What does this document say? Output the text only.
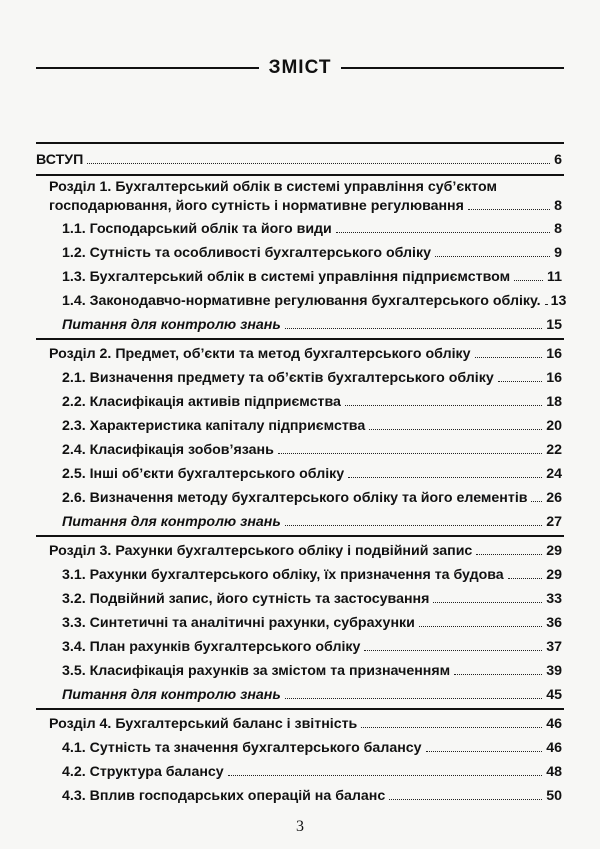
ЗМІСТ
ВСТУП	6
Розділ 1. Бухгалтерський облік в системі управління суб’єктом
господарювання, його сутність і нормативне регулювання	8
1.1. Господарський облік та його види	8
1.2. Сутність та особливості бухгалтерського обліку	9
1.3. Бухгалтерський облік в системі управління підприємством	11
1.4. Законодавчо-нормативне регулювання бухгалтерського обліку. 13
Питання для контролю знань	15
Розділ 2. Предмет, об’єкти та метод бухгалтерського обліку	16
2.1. Визначення предмету та об’єктів бухгалтерського обліку	16
2.2. Класифікація активів підприємства	18
2.3. Характеристика капіталу підприємства	20
2.4. Класифікація зобов’язань	22
2.5. Інші об’єкти бухгалтерського обліку	24
2.6. Визначення методу бухгалтерського обліку та його елементів 26
Питання для контролю знань	27
Розділ 3. Рахунки бухгалтерського обліку і подвійний запис	29
3.1. Рахунки бухгалтерського обліку, їх призначення та будова	29
3.2. Подвійний запис, його сутність та застосування	33
3.3. Синтетичні та аналітичні рахунки, субрахунки	36
3.4. План рахунків бухгалтерського обліку	37
3.5. Класифікація рахунків за змістом та призначенням	39
Питання для контролю знань	45
Розділ 4. Бухгалтерський баланс і звітність	46
4.1. Сутність та значення бухгалтерського балансу	46
4.2. Структура балансу	48
4.3. Вплив господарських операцій на баланс	50
3
